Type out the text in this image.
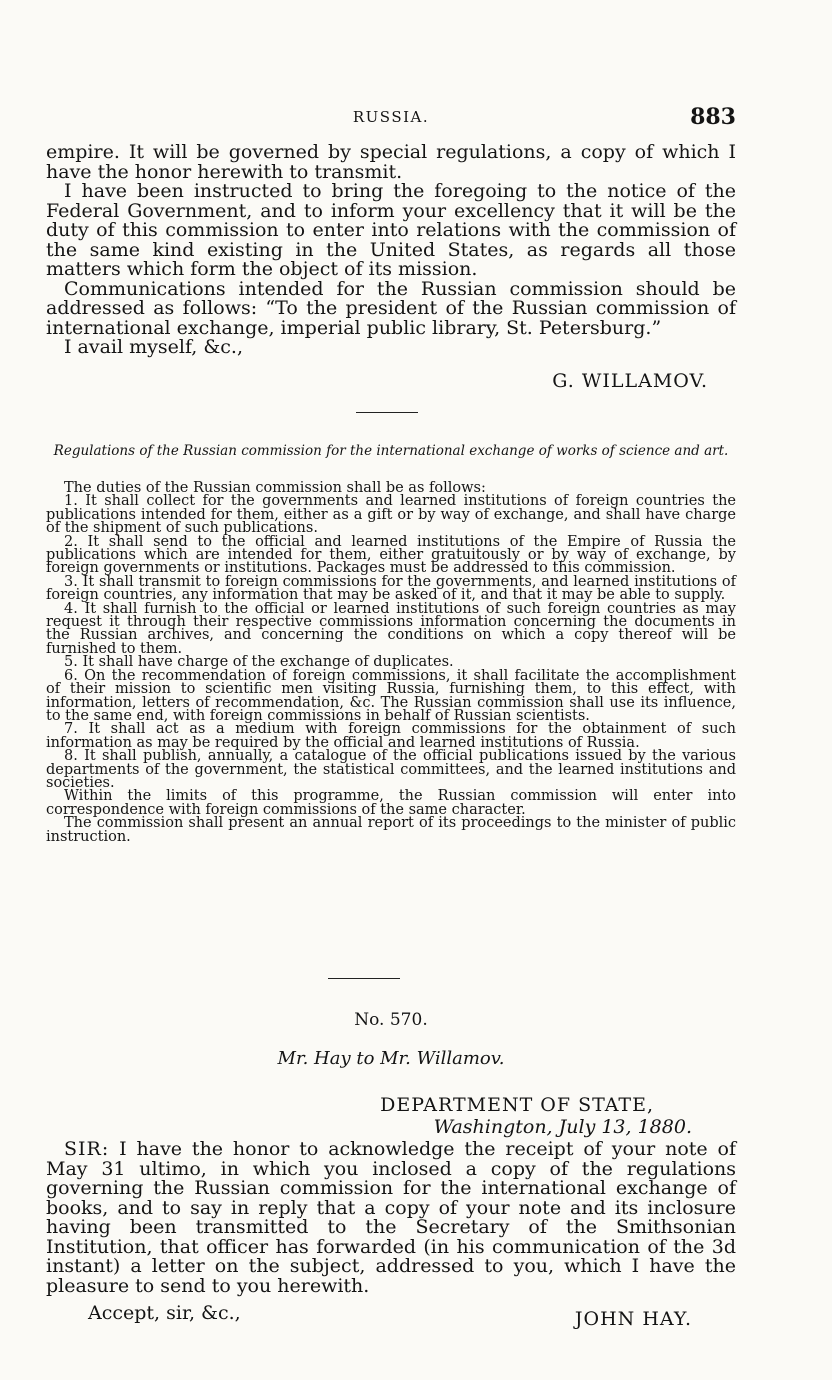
RUSSIA.	883

empire. It will be governed by special regulations, a copy of which I have the honor herewith to transmit.

I have been instructed to bring the foregoing to the notice of the Federal Government, and to inform your excellency that it will be the duty of this commission to enter into relations with the commission of the same kind existing in the United States, as regards all those matters which form the object of its mission.

Communications intended for the Russian commission should be addressed as follows: “To the president of the Russian commission of international exchange, imperial public library, St. Petersburg.”

I avail myself, &c.,

G. WILLAMOV.

Regulations of the Russian commission for the international exchange of works of science and art.

The duties of the Russian commission shall be as follows:

1. It shall collect for the governments and learned institutions of foreign countries the publications intended for them, either as a gift or by way of exchange, and shall have charge of the shipment of such publications.

2. It shall send to the official and learned institutions of the Empire of Russia the publications which are intended for them, either gratuitously or by way of exchange, by foreign governments or institutions. Packages must be addressed to this commission.

3. It shall transmit to foreign commissions for the governments, and learned institutions of foreign countries, any information that may be asked of it, and that it may be able to supply.

4. It shall furnish to the official or learned institutions of such foreign countries as may request it through their respective commissions information concerning the documents in the Russian archives, and concerning the conditions on which a copy thereof will be furnished to them.

5. It shall have charge of the exchange of duplicates.

6. On the recommendation of foreign commissions, it shall facilitate the accomplishment of their mission to scientific men visiting Russia, furnishing them, to this effect, with information, letters of recommendation, &c. The Russian commission shall use its influence, to the same end, with foreign commissions in behalf of Russian scientists.

7. It shall act as a medium with foreign commissions for the obtainment of such information as may be required by the official and learned institutions of Russia.

8. It shall publish, annually, a catalogue of the official publications issued by the various departments of the government, the statistical committees, and the learned institutions and societies.

Within the limits of this programme, the Russian commission will enter into correspondence with foreign commissions of the same character.

The commission shall present an annual report of its proceedings to the minister of public instruction.

No. 570.
Mr. Hay to Mr. Willamov.
DEPARTMENT OF STATE,
Washington, July 13, 1880.

SIR: I have the honor to acknowledge the receipt of your note of May 31 ultimo, in which you inclosed a copy of the regulations governing the Russian commission for the international exchange of books, and to say in reply that a copy of your note and its inclosure having been transmitted to the Secretary of the Smithsonian Institution, that officer has forwarded (in his communication of the 3d instant) a letter on the subject, addressed to you, which I have the pleasure to send to you herewith.

Accept, sir, &c.,	JOHN HAY.
